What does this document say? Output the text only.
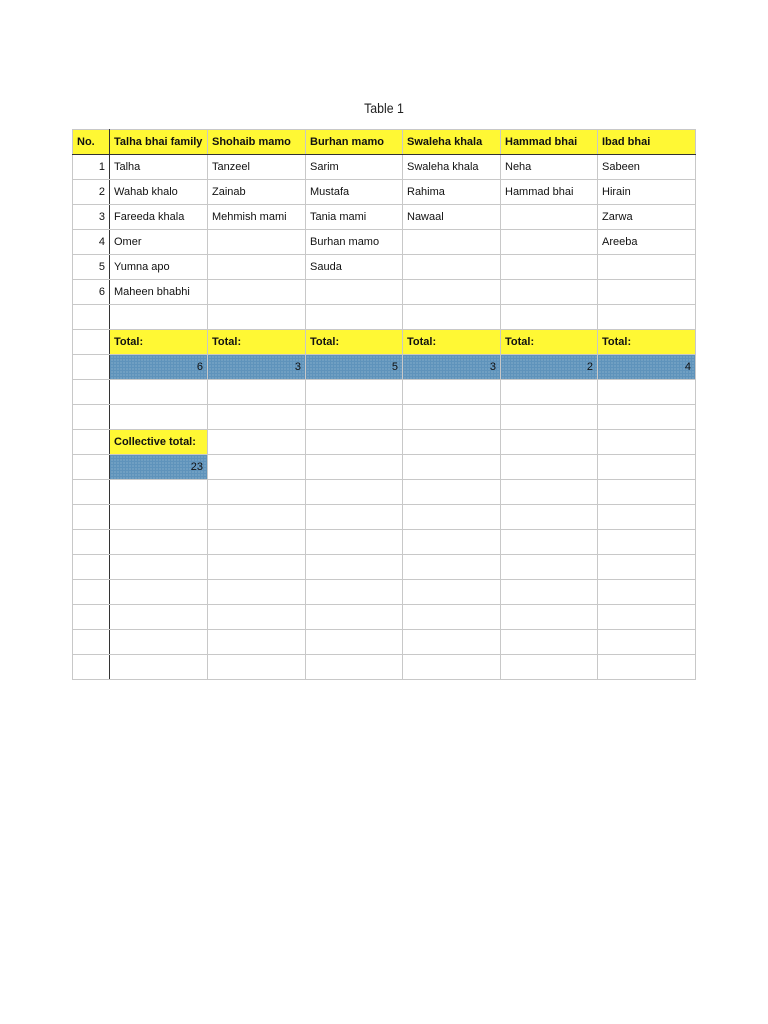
Table 1
No.	Talha bhai family	Shohaib mamo	Burhan mamo	Swaleha khala	Hammad bhai	Ibad bhai
1	Talha	Tanzeel	Sarim	Swaleha khala	Neha	Sabeen
2	Wahab khalo	Zainab	Mustafa	Rahima	Hammad bhai	Hirain
3	Fareeda khala	Mehmish mami	Tania mami	Nawaal		Zarwa
4	Omer		Burhan mamo			Areeba
5	Yumna apo		Sauda			
6	Maheen bhabhi					

	Total:	Total:	Total:	Total:	Total:	Total:
	6	3	5	3	2	4

	Collective total:					
	23					
